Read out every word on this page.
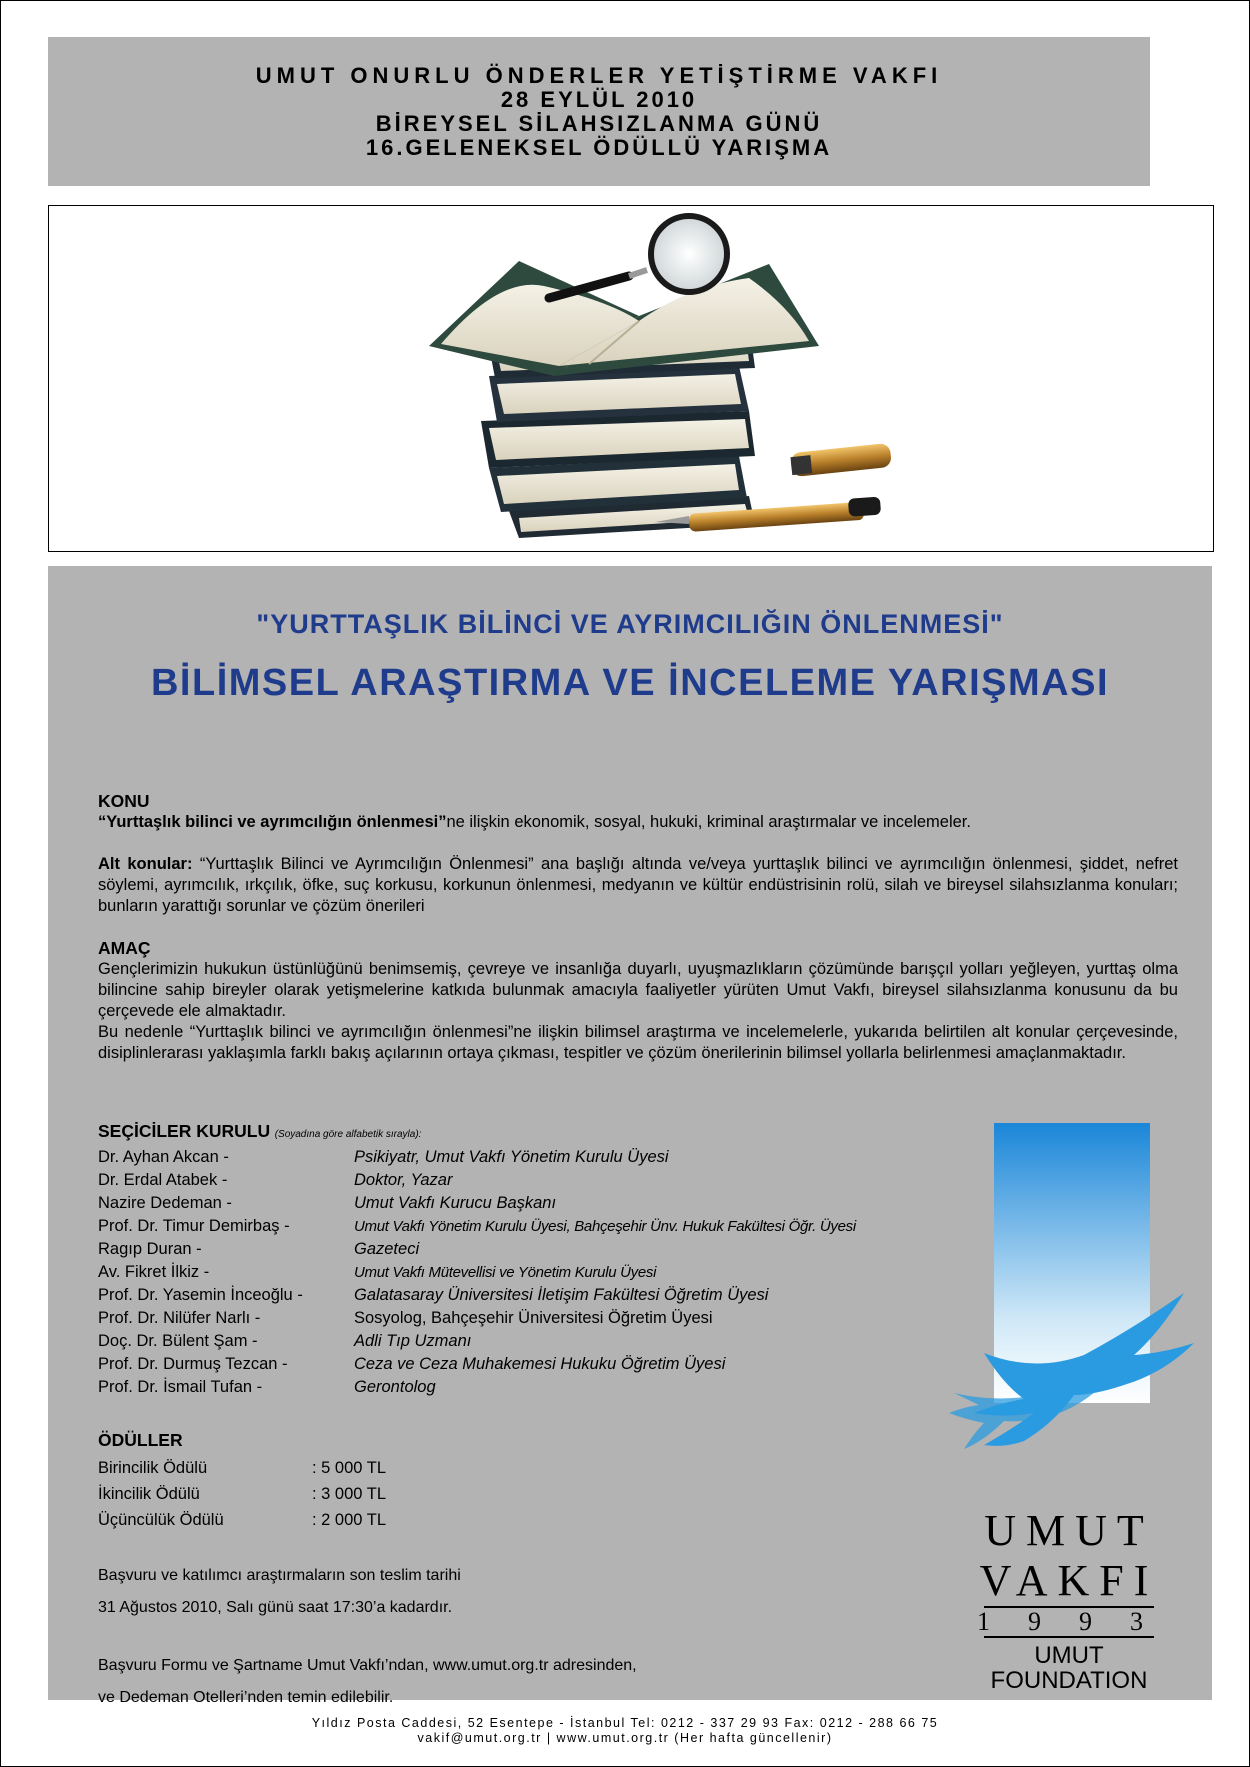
UMUT ONURLU ÖNDERLER YETİŞTİRME VAKFI
28 EYLÜL 2010
BİREYSEL SİLAHSIZLANMA GÜNÜ
16.GELENEKSEL ÖDÜLLÜ YARIŞMA
"YURTTAŞLIK BİLİNCİ VE AYRIMCILIĞIN ÖNLENMESİ"
BİLİMSEL ARAŞTIRMA VE İNCELEME YARIŞMASI
KONU
“Yurttaşlık bilinci ve ayrımcılığın önlenmesi”ne ilişkin ekonomik, sosyal, hukuki, kriminal araştırmalar ve incelemeler.
Alt konular: “Yurttaşlık Bilinci ve Ayrımcılığın Önlenmesi” ana başlığı altında ve/veya yurttaşlık bilinci ve ayrımcılığın önlenmesi, şiddet, nefret söylemi, ayrımcılık, ırkçılık, öfke, suç korkusu, korkunun önlenmesi, medyanın ve kültür endüstrisinin rolü, silah ve bireysel silahsızlanma konuları; bunların yarattığı sorunlar ve çözüm önerileri
AMAÇ
Gençlerimizin hukukun üstünlüğünü benimsemiş, çevreye ve insanlığa duyarlı, uyuşmazlıkların çözümünde barışçıl yolları yeğleyen, yurttaş olma bilincine sahip bireyler olarak yetişmelerine katkıda bulunmak amacıyla faaliyetler yürüten Umut Vakfı, bireysel silahsızlanma konusunu da bu çerçevede ele almaktadır.
Bu nedenle “Yurttaşlık bilinci ve ayrımcılığın önlenmesi”ne ilişkin bilimsel araştırma ve incelemelerle, yukarıda belirtilen alt konular çerçevesinde, disiplinlerarası yaklaşımla farklı bakış açılarının ortaya çıkması, tespitler ve çözüm önerilerinin bilimsel yollarla belirlenmesi amaçlanmaktadır.
SEÇİCİLER KURULU (Soyadına göre alfabetik sırayla):
Dr. Ayhan Akcan -	Psikiyatr, Umut Vakfı Yönetim Kurulu Üyesi
Dr. Erdal Atabek -	Doktor, Yazar
Nazire Dedeman -	Umut Vakfı Kurucu Başkanı
Prof. Dr. Timur Demirbaş -	Umut Vakfı Yönetim Kurulu Üyesi, Bahçeşehir Ünv. Hukuk Fakültesi Öğr. Üyesi
Ragıp Duran -	Gazeteci
Av. Fikret İlkiz -	Umut Vakfı Mütevellisi ve Yönetim Kurulu Üyesi
Prof. Dr. Yasemin İnceoğlu -	Galatasaray Üniversitesi İletişim Fakültesi Öğretim Üyesi
Prof. Dr. Nilüfer Narlı -	Sosyolog, Bahçeşehir Üniversitesi Öğretim Üyesi
Doç. Dr. Bülent Şam -	Adli Tıp Uzmanı
Prof. Dr. Durmuş Tezcan -	Ceza ve Ceza Muhakemesi Hukuku Öğretim Üyesi
Prof. Dr. İsmail Tufan -	Gerontolog
ÖDÜLLER
Birincilik Ödülü	: 5 000 TL
İkincilik Ödülü	: 3 000 TL
Üçüncülük Ödülü	: 2 000 TL
Başvuru ve katılımcı araştırmaların son teslim tarihi
31 Ağustos 2010, Salı günü saat 17:30’a kadardır.
Başvuru Formu ve Şartname Umut Vakfı’ndan, www.umut.org.tr adresinden,
ve Dedeman Otelleri’nden temin edilebilir.
UMUT
VAKFI
1993
UMUT
FOUNDATION
Yıldız Posta Caddesi, 52 Esentepe - İstanbul Tel: 0212 - 337 29 93 Fax: 0212 - 288 66 75
vakif@umut.org.tr | www.umut.org.tr (Her hafta güncellenir)
